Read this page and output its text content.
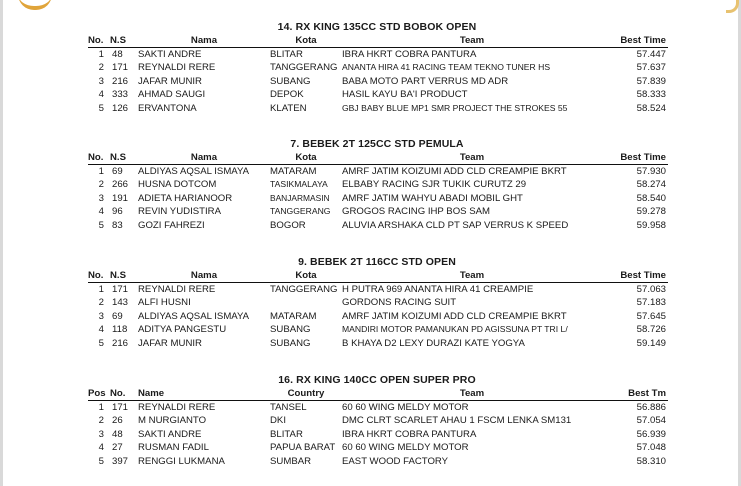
14. RX KING 135CC STD BOBOK OPEN
No.	N.S	Nama	Kota	Team	Best Time
1	48	SAKTI ANDRE	BLITAR	IBRA HKRT COBRA PANTURA	57.447
2	171	REYNALDI RERE	TANGGERANG	ANANTA HIRA 41 RACING TEAM TEKNO TUNER HS	57.637
3	216	JAFAR MUNIR	SUBANG	BABA MOTO PART VERRUS MD ADR	57.839
4	333	AHMAD SAUGI	DEPOK	HASIL KAYU BA'I PRODUCT	58.333
5	126	ERVANTONA	KLATEN	GBJ BABY BLUE MP1 SMR PROJECT THE STROKES 55	58.524
7. BEBEK 2T 125CC STD PEMULA
No.	N.S	Nama	Kota	Team	Best Time
1	69	ALDIYAS AQSAL ISMAYA	MATARAM	AMRF JATIM KOIZUMI ADD CLD CREAMPIE BKRT	57.930
2	266	HUSNA DOTCOM	TASIKMALAYA	ELBABY RACING SJR TUKIK CURUTZ 29	58.274
3	191	ADIETA HARIANOOR	BANJARMASIN	AMRF JATIM WAHYU ABADI MOBIL GHT	58.540
4	96	REVIN YUDISTIRA	TANGGERANG	GROGOS RACING IHP BOS SAM	59.278
5	83	GOZI FAHREZI	BOGOR	ALUVIA ARSHAKA CLD PT SAP VERRUS K SPEED	59.958
9. BEBEK 2T 116CC STD OPEN
No.	N.S	Nama	Kota	Team	Best Time
1	171	REYNALDI RERE	TANGGERANG	H PUTRA 969 ANANTA HIRA 41 CREAMPIE	57.063
2	143	ALFI HUSNI		GORDONS RACING SUIT	57.183
3	69	ALDIYAS AQSAL ISMAYA	MATARAM	AMRF JATIM KOIZUMI ADD CLD CREAMPIE BKRT	57.645
4	118	ADITYA PANGESTU	SUBANG	MANDIRI MOTOR PAMANUKAN PD AGISSUNA PT TRI L/	58.726
5	216	JAFAR MUNIR	SUBANG	B KHAYA D2 LEXY DURAZI KATE YOGYA	59.149
16. RX KING 140CC OPEN SUPER PRO
Pos	No.	Name	Country	Team	Best Tm
1	171	REYNALDI RERE	TANSEL	60 60 WING MELDY MOTOR	56.886
2	26	M NURGIANTO	DKI	DMC CLRT SCARLET AHAU 1 FSCM LENKA SM131	57.054
3	48	SAKTI ANDRE	BLITAR	IBRA HKRT COBRA PANTURA	56.939
4	27	RUSMAN FADIL	PAPUA BARAT	60 60 WING MELDY MOTOR	57.048
5	397	RENGGI LUKMANA	SUMBAR	EAST WOOD FACTORY	58.310
